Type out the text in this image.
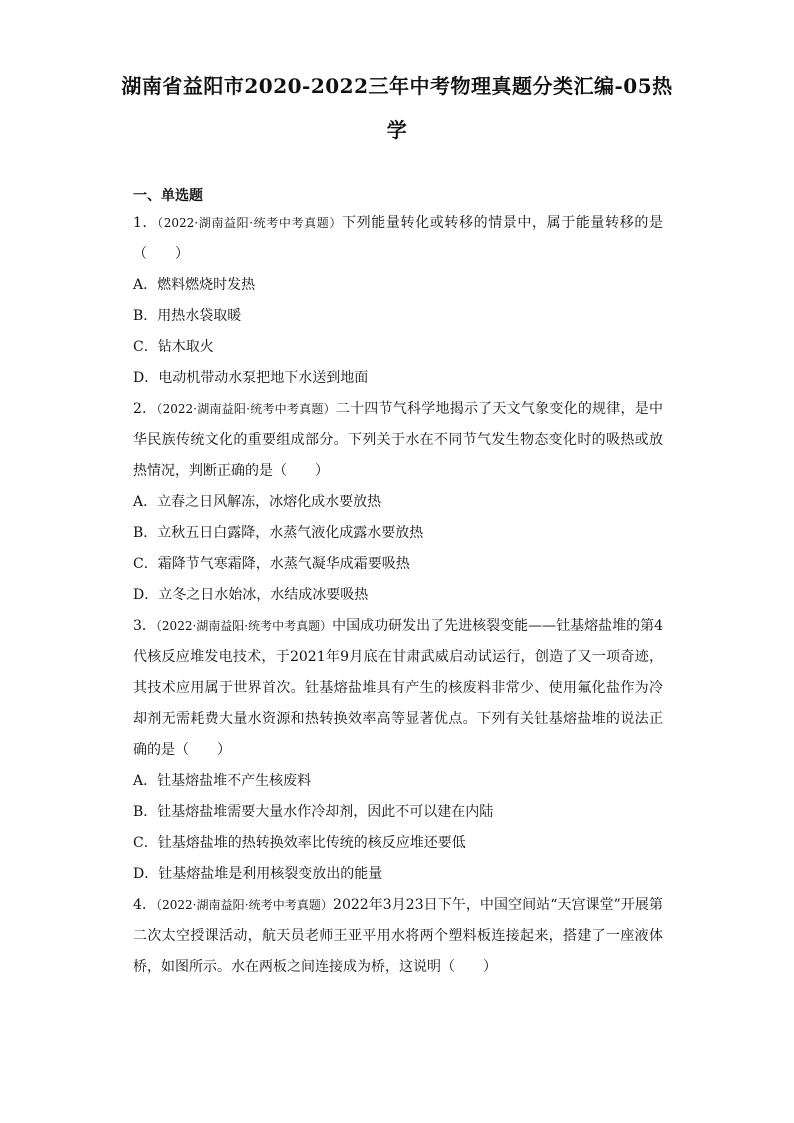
湖南省益阳市2020-2022三年中考物理真题分类汇编-05热
学
一、单选题

1．（2022·湖南益阳·统考中考真题）下列能量转化或转移的情景中，属于能量转移的是（　　）

A．燃料燃烧时发热

B．用热水袋取暖

C．钻木取火

D．电动机带动水泵把地下水送到地面

2．（2022·湖南益阳·统考中考真题）二十四节气科学地揭示了天文气象变化的规律，是中华民族传统文化的重要组成部分。下列关于水在不同节气发生物态变化时的吸热或放热情况，判断正确的是（　　）

A．立春之日风解冻，冰熔化成水要放热

B．立秋五日白露降，水蒸气液化成露水要放热

C．霜降节气寒霜降，水蒸气凝华成霜要吸热

D．立冬之日水始冰，水结成冰要吸热

3．（2022·湖南益阳·统考中考真题）中国成功研发出了先进核裂变能——钍基熔盐堆的第4代核反应堆发电技术，于2021年9月底在甘肃武威启动试运行，创造了又一项奇迹，其技术应用属于世界首次。钍基熔盐堆具有产生的核废料非常少、使用氟化盐作为冷却剂无需耗费大量水资源和热转换效率高等显著优点。下列有关钍基熔盐堆的说法正确的是（　　）

A．钍基熔盐堆不产生核废料

B．钍基熔盐堆需要大量水作冷却剂，因此不可以建在内陆

C．钍基熔盐堆的热转换效率比传统的核反应堆还要低

D．钍基熔盐堆是利用核裂变放出的能量

4．（2022·湖南益阳·统考中考真题）2022年3月23日下午，中国空间站“天宫课堂”开展第二次太空授课活动，航天员老师王亚平用水将两个塑料板连接起来，搭建了一座液体桥，如图所示。水在两板之间连接成为桥，这说明（　　）
